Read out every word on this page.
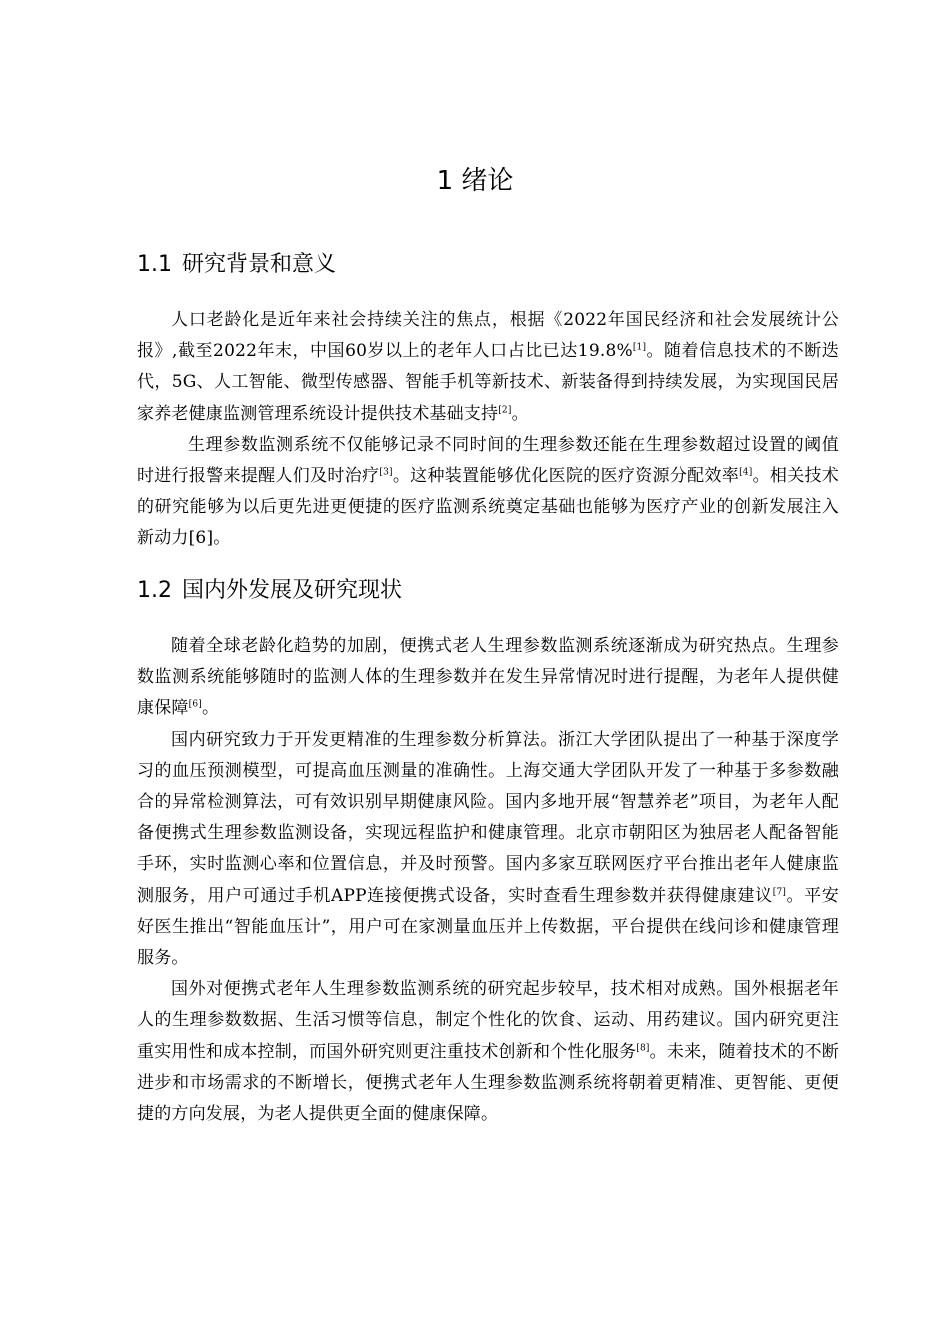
1 绪论
1.1 研究背景和意义

人口老龄化是近年来社会持续关注的焦点，根据《2022年国民经济和社会发展统计公报》,截至2022年末，中国60岁以上的老年人口占比已达19.8%[1]。随着信息技术的不断迭代，5G、人工智能、微型传感器、智能手机等新技术、新装备得到持续发展，为实现国民居家养老健康监测管理系统设计提供技术基础支持[2]。

生理参数监测系统不仅能够记录不同时间的生理参数还能在生理参数超过设置的阈值时进行报警来提醒人们及时治疗[3]。这种装置能够优化医院的医疗资源分配效率[4]。相关技术的研究能够为以后更先进更便捷的医疗监测系统奠定基础也能够为医疗产业的创新发展注入新动力[6]。

1.2 国内外发展及研究现状

随着全球老龄化趋势的加剧，便携式老人生理参数监测系统逐渐成为研究热点。生理参数监测系统能够随时的监测人体的生理参数并在发生异常情况时进行提醒，为老年人提供健康保障[6]。

国内研究致力于开发更精准的生理参数分析算法。浙江大学团队提出了一种基于深度学习的血压预测模型，可提高血压测量的准确性。上海交通大学团队开发了一种基于多参数融合的异常检测算法，可有效识别早期健康风险。国内多地开展“智慧养老”项目，为老年人配备便携式生理参数监测设备，实现远程监护和健康管理。北京市朝阳区为独居老人配备智能手环，实时监测心率和位置信息，并及时预警。国内多家互联网医疗平台推出老年人健康监测服务，用户可通过手机APP连接便携式设备，实时查看生理参数并获得健康建议[7]。平安好医生推出“智能血压计”，用户可在家测量血压并上传数据，平台提供在线问诊和健康管理服务。

国外对便携式老年人生理参数监测系统的研究起步较早，技术相对成熟。国外根据老年人的生理参数数据、生活习惯等信息，制定个性化的饮食、运动、用药建议。国内研究更注重实用性和成本控制，而国外研究则更注重技术创新和个性化服务[8]。未来，随着技术的不断进步和市场需求的不断增长，便携式老年人生理参数监测系统将朝着更精准、更智能、更便捷的方向发展，为老人提供更全面的健康保障。
